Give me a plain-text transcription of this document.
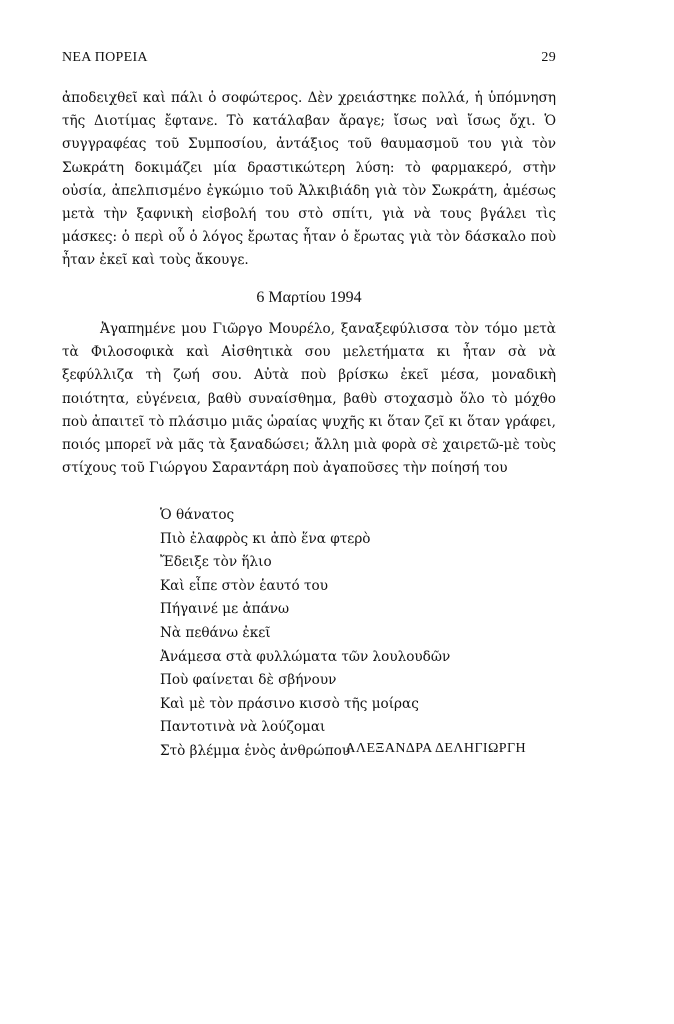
ΝΕΑ ΠΟΡΕΙΑ	29

ἀποδειχθεῖ καὶ πάλι ὁ σοφώτερος. Δὲν χρειάστηκε πολλά, ἡ ὑπόμνηση τῆς Διοτίμας ἔφτανε. Τὸ κατάλαβαν ἄραγε; ἴσως ναὶ ἴσως ὄχι. Ὁ συγγραφέας τοῦ Συμποσίου, ἀντάξιος τοῦ θαυμασμοῦ του γιὰ τὸν Σωκράτη δοκιμάζει μία δραστικώτερη λύση: τὸ φαρμακερό, στὴν οὐσία, ἀπελπισμένο ἐγκώμιο τοῦ Ἀλκιβιάδη γιὰ τὸν Σωκράτη, ἀμέσως μετὰ τὴν ξαφνικὴ εἰσβολή του στὸ σπίτι, γιὰ νὰ τους βγάλει τὶς μάσκες: ὁ περὶ οὗ ὁ λόγος ἔρωτας ἦταν ὁ ἔρωτας γιὰ τὸν δάσκαλο ποὺ ἦταν ἐκεῖ καὶ τοὺς ἄκουγε.

6 Μαρτίου 1994

Ἀγαπημένε μου Γιῶργο Μουρέλο, ξαναξεφύλισσα τὸν τόμο μετὰ τὰ Φιλοσοφικὰ καὶ Αἰσθητικὰ σου μελετήματα κι ἦταν σὰ νὰ ξεφύλλιζα τὴ ζωή σου. Αὐτὰ ποὺ βρίσκω ἐκεῖ μέσα, μοναδικὴ ποιότητα, εὐγένεια, βαθὺ συναίσθημα, βαθὺ στοχασμὸ ὅλο τὸ μόχθο ποὺ ἀπαιτεῖ τὸ πλάσιμο μιᾶς ὡραίας ψυχῆς κι ὅταν ζεῖ κι ὅταν γράφει, ποιός μπορεῖ νὰ μᾶς τὰ ξαναδώσει; ἄλλη μιὰ φορὰ σὲ χαιρετῶ-μὲ τοὺς στίχους τοῦ Γιώργου Σαραντάρη ποὺ ἀγαποῦσες τὴν ποίησή του

Ὁ θάνατος
Πιὸ ἐλαφρὸς κι ἀπὸ ἕνα φτερὸ
Ἔδειξε τὸν ἥλιο
Καὶ εἶπε στὸν ἑαυτό του
Πήγαινέ με ἀπάνω
Νὰ πεθάνω ἐκεῖ
Ἀνάμεσα στὰ φυλλώματα τῶν λουλουδῶν
Ποὺ φαίνεται δὲ σβήνουν
Καὶ μὲ τὸν πράσινο κισσὸ τῆς μοίρας
Παντοτινὰ νὰ λούζομαι
Στὸ βλέμμα ἑνὸς ἀνθρώπου
ΑΛΕΞΑΝΔΡΑ ΔΕΛΗΓΙΩΡΓΗ
